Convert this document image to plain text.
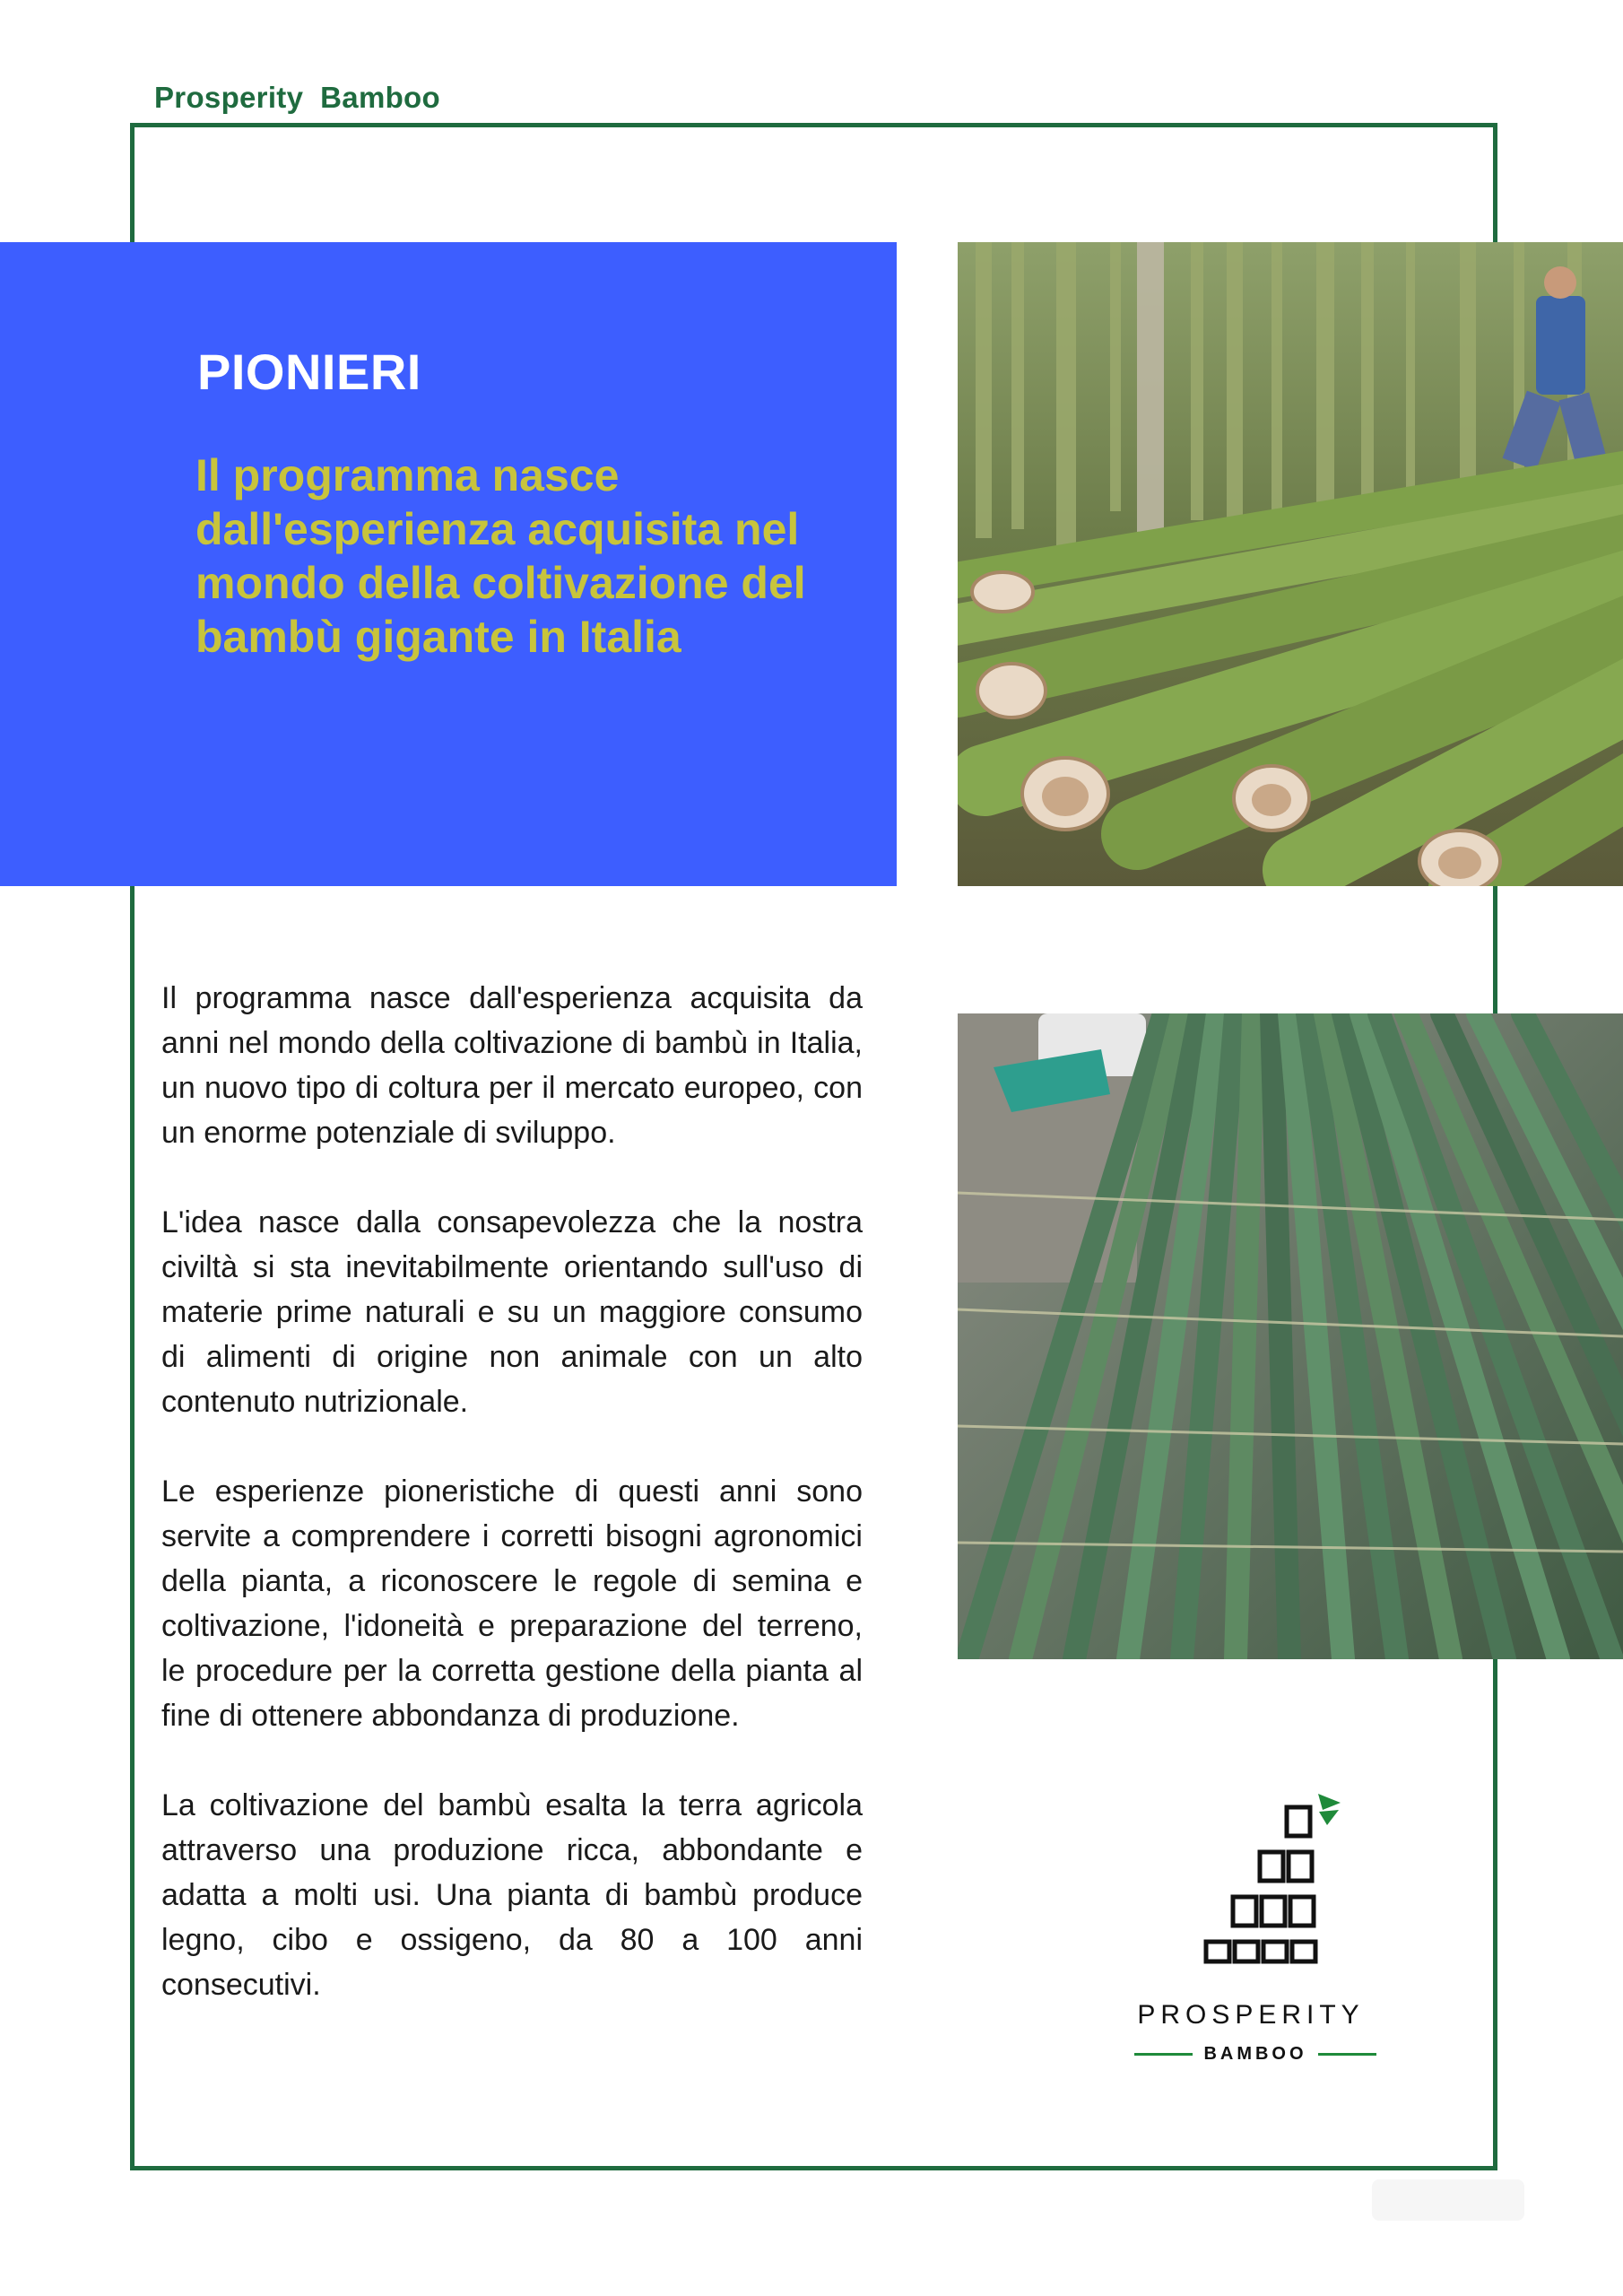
Prosperity  Bamboo
PIONIERI
Il programma nasce dall'esperienza acquisita nel mondo della coltivazione del bambù gigante in Italia

Il programma nasce dall'esperienza acquisita da anni nel mondo della coltivazione di bambù in Italia, un nuovo tipo di coltura per il mercato europeo, con un enorme potenziale di sviluppo.

L'idea nasce dalla consapevolezza che la nostra civiltà si sta inevitabilmente orientando sull'uso di materie prime naturali e su un maggiore consumo di alimenti di origine non animale con un alto contenuto nutrizionale.

Le esperienze pioneristiche di questi anni sono servite a comprendere i corretti bisogni agronomici della pianta, a riconoscere le regole di semina e coltivazione, l'idoneità e preparazione del terreno, le procedure per la corretta gestione della pianta al fine di ottenere abbondanza di produzione.

La coltivazione del bambù esalta la terra agricola attraverso una produzione ricca, abbondante e adatta a molti usi. Una pianta di bambù produce legno, cibo e ossigeno, da 80 a 100 anni consecutivi.

PROSPERITY
BAMBOO
